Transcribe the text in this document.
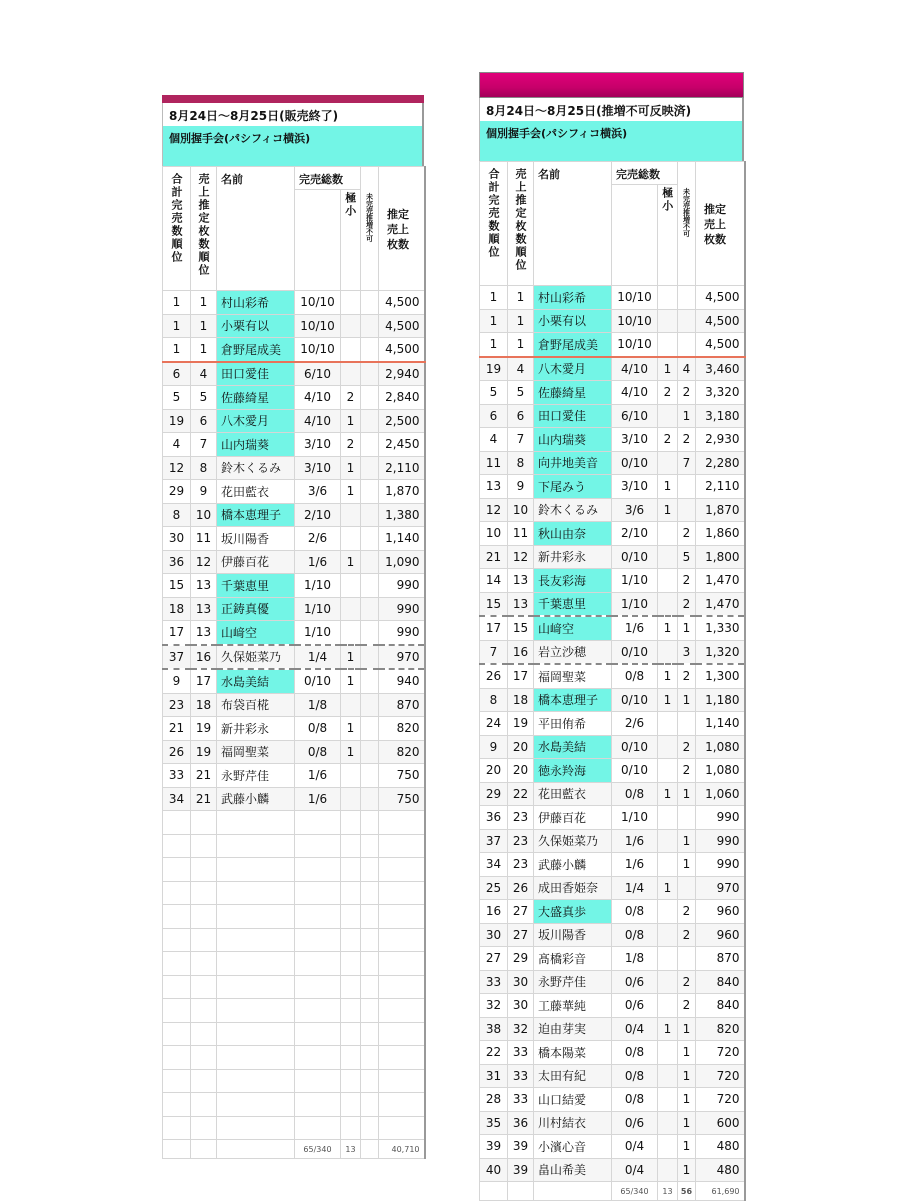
8月24日～8月25日(販売終了)
個別握手会(パシフィコ横浜)
合計完売数順位	売上推定枚数順位	名前	完売総数
極小		未完売推増不可	推定売上枚数

1	1	村山彩希	10/10			4,500
1	1	小栗有以	10/10			4,500
1	1	倉野尾成美	10/10			4,500
6	4	田口愛佳	6/10			2,940
5	5	佐藤綺星	4/10	2		2,840
19	6	八木愛月	4/10	1		2,500
4	7	山内瑞葵	3/10	2		2,450
12	8	鈴木くるみ	3/10	1		2,110
29	9	花田藍衣	3/6	1		1,870
8	10	橋本恵理子	2/10			1,380
30	11	坂川陽香	2/6			1,140
36	12	伊藤百花	1/6	1		1,090
15	13	千葉恵里	1/10			990
18	13	正鋳真優	1/10			990
17	13	山﨑空	1/10			990
37	16	久保姫菜乃	1/4	1		970
9	17	水島美結	0/10	1		940
23	18	布袋百椛	1/8			870
21	19	新井彩永	0/8	1		820
26	19	福岡聖菜	0/8	1		820
33	21	永野芹佳	1/6			750
34	21	武藤小麟	1/6			750

			65/340	13		40,710
8月24日～8月25日(推増不可反映済)
個別握手会(パシフィコ横浜)
合計完売数順位	売上推定枚数順位	名前	完売総数
極小		未完売推増不可	推定売上枚数

1	1	村山彩希	10/10			4,500
1	1	小栗有以	10/10			4,500
1	1	倉野尾成美	10/10			4,500
19	4	八木愛月	4/10	1	4	3,460
5	5	佐藤綺星	4/10	2	2	3,320
6	6	田口愛佳	6/10		1	3,180
4	7	山内瑞葵	3/10	2	2	2,930
11	8	向井地美音	0/10		7	2,280
13	9	下尾みう	3/10	1		2,110
12	10	鈴木くるみ	3/6	1		1,870
10	11	秋山由奈	2/10		2	1,860
21	12	新井彩永	0/10		5	1,800
14	13	長友彩海	1/10		2	1,470
15	13	千葉恵里	1/10		2	1,470
17	15	山﨑空	1/6	1	1	1,330
7	16	岩立沙穂	0/10		3	1,320
26	17	福岡聖菜	0/8	1	2	1,300
8	18	橋本恵理子	0/10	1	1	1,180
24	19	平田侑希	2/6			1,140
9	20	水島美結	0/10		2	1,080
20	20	徳永羚海	0/10		2	1,080
29	22	花田藍衣	0/8	1	1	1,060
36	23	伊藤百花	1/10			990
37	23	久保姫菜乃	1/6		1	990
34	23	武藤小麟	1/6		1	990
25	26	成田香姫奈	1/4	1		970
16	27	大盛真歩	0/8		2	960
30	27	坂川陽香	0/8		2	960
27	29	髙橋彩音	1/8			870
33	30	永野芹佳	0/6		2	840
32	30	工藤華純	0/6		2	840
38	32	迫由芽実	0/4	1	1	820
22	33	橋本陽菜	0/8		1	720
31	33	太田有紀	0/8		1	720
28	33	山口結愛	0/8		1	720
35	36	川村結衣	0/6		1	600
39	39	小濱心音	0/4		1	480
40	39	畠山希美	0/4		1	480
			65/340	13	56	61,690
